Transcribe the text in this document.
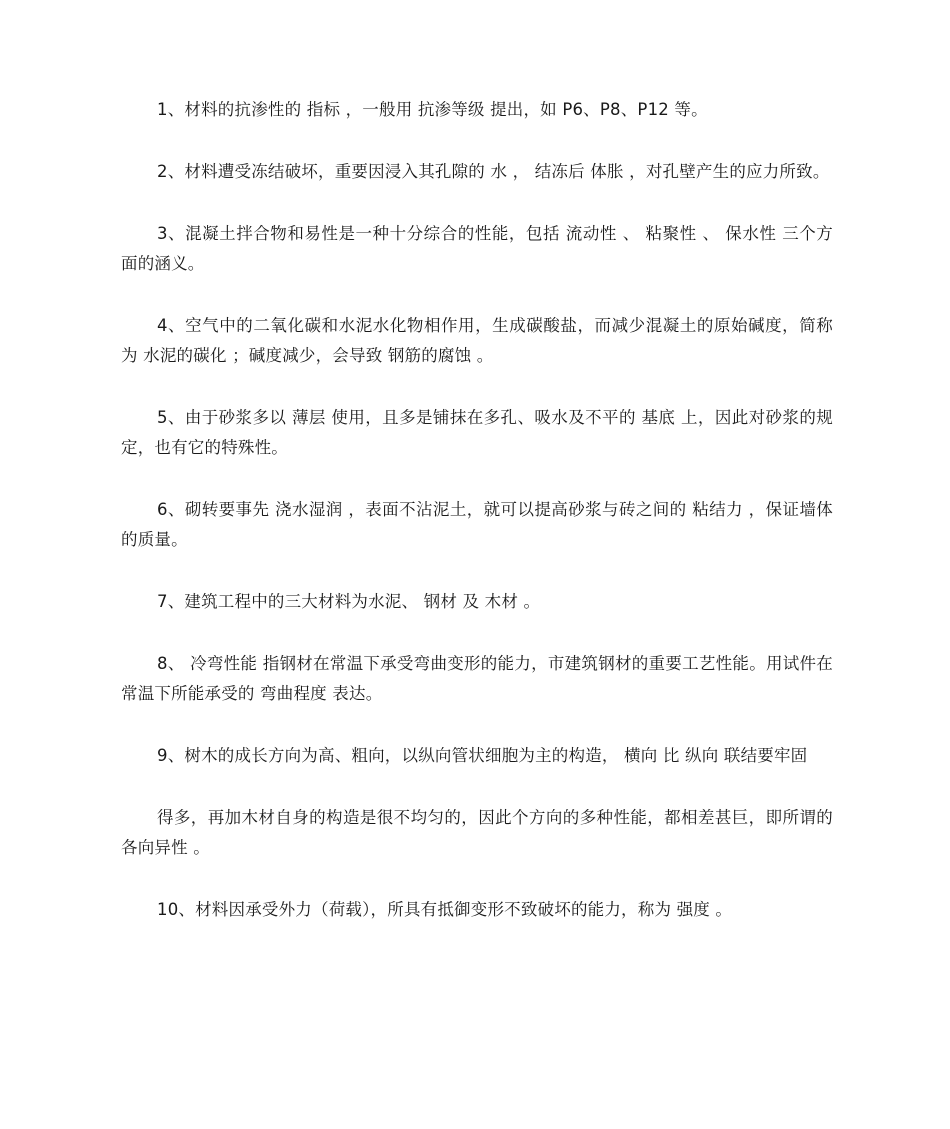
1、材料的抗渗性的 指标 ，一般用 抗渗等级 提出，如 P6、P8、P12 等。

2、材料遭受冻结破坏，重要因浸入其孔隙的 水 ， 结冻后 体胀 ，对孔壁产生的应力所致。

3、混凝土拌合物和易性是一种十分综合的性能，包括 流动性 、 粘聚性 、 保水性 三个方面的涵义。

4、空气中的二氧化碳和水泥水化物相作用，生成碳酸盐，而减少混凝土的原始碱度，简称为 水泥的碳化 ；碱度减少，会导致 钢筋的腐蚀 。

5、由于砂浆多以 薄层 使用，且多是铺抹在多孔、吸水及不平的 基底 上，因此对砂浆的规定，也有它的特殊性。

6、砌转要事先 浇水湿润 ，表面不沾泥土，就可以提高砂浆与砖之间的 粘结力 ，保证墙体的质量。

7、建筑工程中的三大材料为水泥、 钢材 及 木材 。

8、 冷弯性能 指钢材在常温下承受弯曲变形的能力，市建筑钢材的重要工艺性能。用试件在常温下所能承受的 弯曲程度 表达。

9、树木的成长方向为高、粗向，以纵向管状细胞为主的构造， 横向 比 纵向 联结要牢固

得多，再加木材自身的构造是很不均匀的，因此个方向的多种性能，都相差甚巨，即所谓的 各向异性 。

10、材料因承受外力（荷载），所具有抵御变形不致破坏的能力，称为 强度 。
